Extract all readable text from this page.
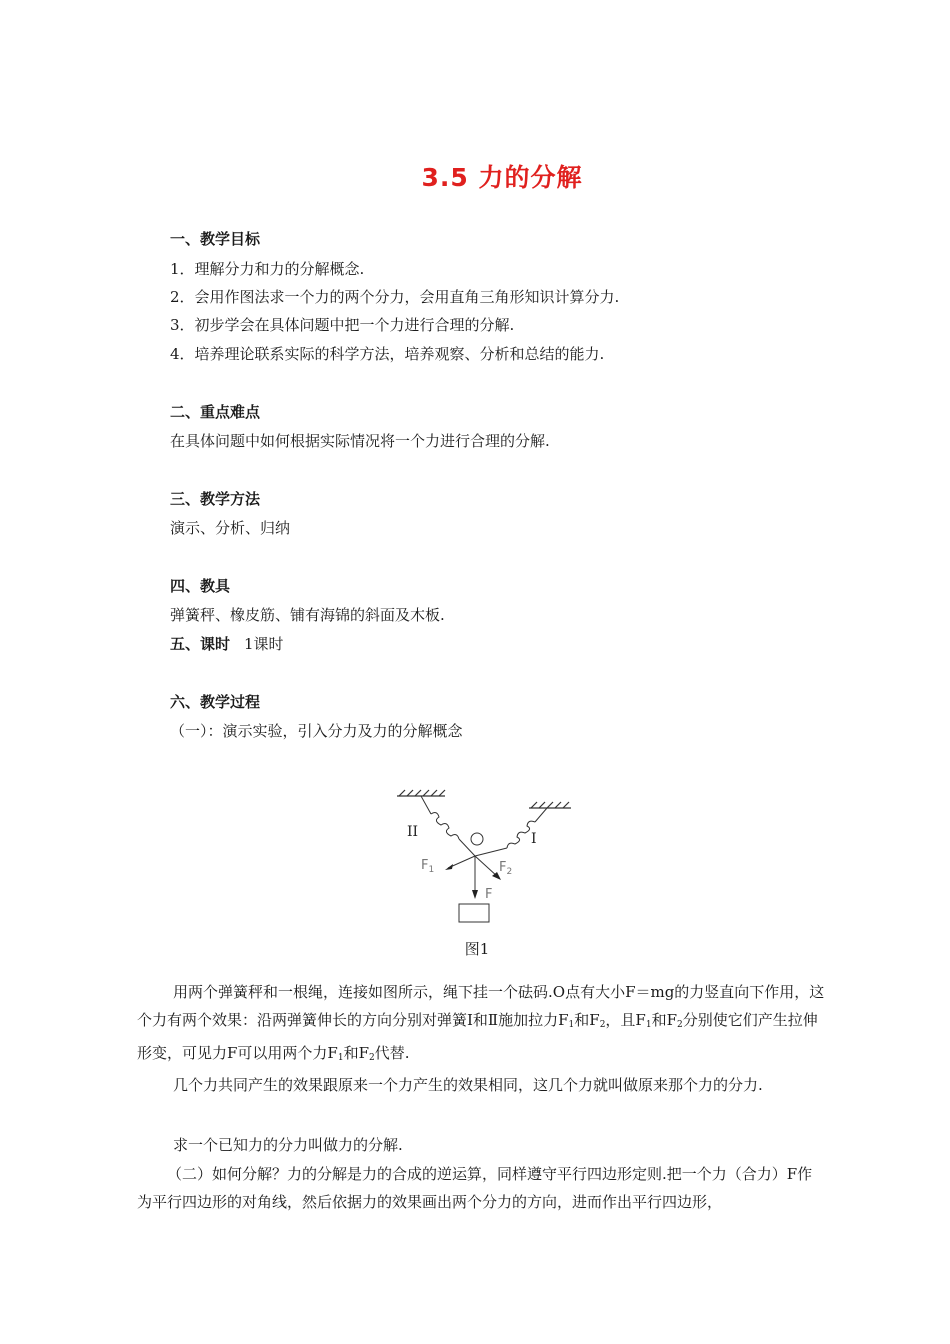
3.5 力的分解
一、教学目标
1．理解分力和力的分解概念.
2．会用作图法求一个力的两个分力，会用直角三角形知识计算分力.
3．初步学会在具体问题中把一个力进行合理的分解.
4．培养理论联系实际的科学方法，培养观察、分析和总结的能力.
二、重点难点
在具体问题中如何根据实际情况将一个力进行合理的分解.
三、教学方法
演示、分析、归纳
四、教具
弹簧秤、橡皮筋、铺有海锦的斜面及木板.
五、课时 1课时
六、教学过程
（一）：演示实验，引入分力及力的分解概念
II	I
$F_1$	$F_2$
F
图1
用两个弹簧秤和一根绳，连接如图所示，绳下挂一个砝码.O点有大小F＝mg的力竖直向下作用，这个力有两个效果：沿两弹簧伸长的方向分别对弹簧Ⅰ和Ⅱ施加拉力$F_1$和$F_2$，且$F_1$和$F_2$分别使它们产生拉伸形变，可见力F可以用两个力$F_1$和$F_2$代替.
几个力共同产生的效果跟原来一个力产生的效果相同，这几个力就叫做原来那个力的分力.
求一个已知力的分力叫做力的分解.
（二）如何分解？力的分解是力的合成的逆运算，同样遵守平行四边形定则.把一个力（合力）F作为平行四边形的对角线，然后依据力的效果画出两个分力的方向，进而作出平行四边形，
